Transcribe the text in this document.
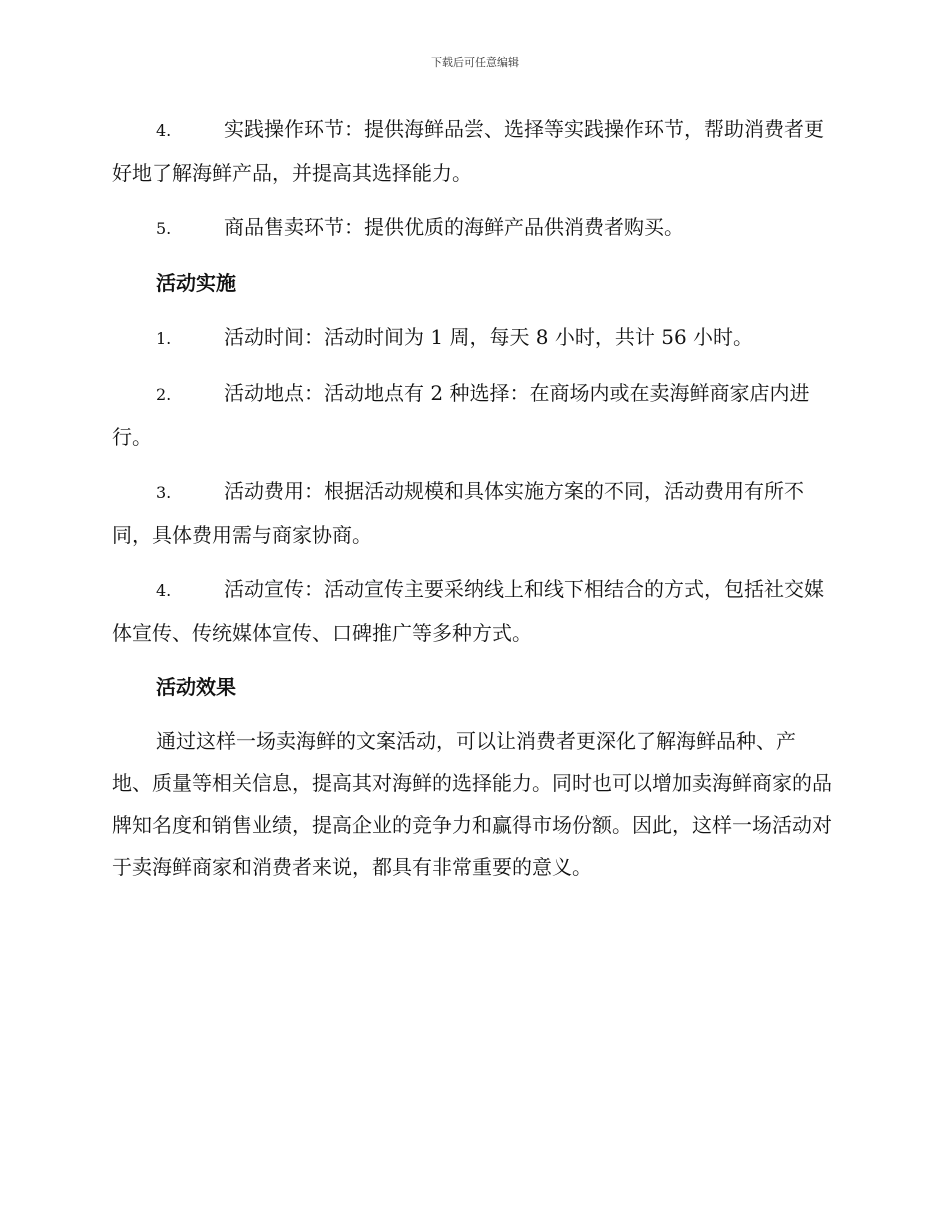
下载后可任意编辑

4.	实践操作环节：提供海鲜品尝、选择等实践操作环节，帮助消费者更好地了解海鲜产品，并提高其选择能力。

5.	商品售卖环节：提供优质的海鲜产品供消费者购买。

活动实施

1.	活动时间：活动时间为 1 周，每天 8 小时，共计 56 小时。

2.	活动地点：活动地点有 2 种选择：在商场内或在卖海鲜商家店内进行。

3.	活动费用：根据活动规模和具体实施方案的不同，活动费用有所不同，具体费用需与商家协商。

4.	活动宣传：活动宣传主要采纳线上和线下相结合的方式，包括社交媒体宣传、传统媒体宣传、口碑推广等多种方式。

活动效果

通过这样一场卖海鲜的文案活动，可以让消费者更深化了解海鲜品种、产地、质量等相关信息，提高其对海鲜的选择能力。同时也可以增加卖海鲜商家的品牌知名度和销售业绩，提高企业的竞争力和赢得市场份额。因此，这样一场活动对于卖海鲜商家和消费者来说，都具有非常重要的意义。
